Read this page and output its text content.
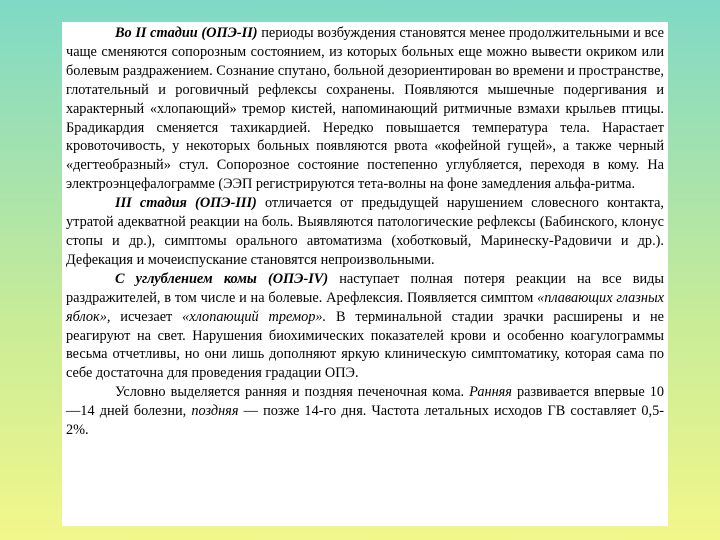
Во II стадии (ОПЭ-II) периоды возбуждения становятся менее продолжительными и все чаще сменяются сопорозным состоянием, из которых больных еще можно вывести окриком или болевым раздражением. Сознание спутано, больной дезориентирован во времени и пространстве, глотательный и роговичный рефлексы сохранены. Появляются мышечные подергивания и характерный «хлопающий» тремор кистей, напоминающий ритмичные взмахи крыльев птицы. Брадикардия сменяется тахикардией. Нередко повышается температура тела. Нарастает кровоточивость, у некоторых больных появляются рвота «кофейной гущей», а также черный «дегтеобразный» стул. Сопорозное состояние постепенно углубляется, переходя в кому. На электроэнцефалограмме (ЭЭП регистрируются тета-волны на фоне замедления альфа-ритма.

III стадия (ОПЭ-III) отличается от предыдущей нарушением словесного контакта, утратой адекватной реакции на боль. Выявляются патологические рефлексы (Бабинского, клонус стопы и др.), симптомы орального автоматизма (хоботковый, Маринеску-Радовичи и др.). Дефекация и мочеиспускание становятся непроизвольными.

С углублением комы (ОПЭ-IV) наступает полная потеря реакции на все виды раздражителей, в том числе и на болевые. Арефлексия. Появляется симптом «плавающих глазных яблок», исчезает «хлопающий тремор». В терминальной стадии зрачки расширены и не реагируют на свет. Нарушения биохимических показателей крови и особенно коагулограммы весьма отчетливы, но они лишь дополняют яркую клиническую симптоматику, которая сама по себе достаточна для проведения градации ОПЭ.

Условно выделяется ранняя и поздняя печеночная кома. Ранняя развивается впервые 10—14 дней болезни, поздняя — позже 14-го дня. Частота летальных исходов ГВ составляет 0,5-2%.
